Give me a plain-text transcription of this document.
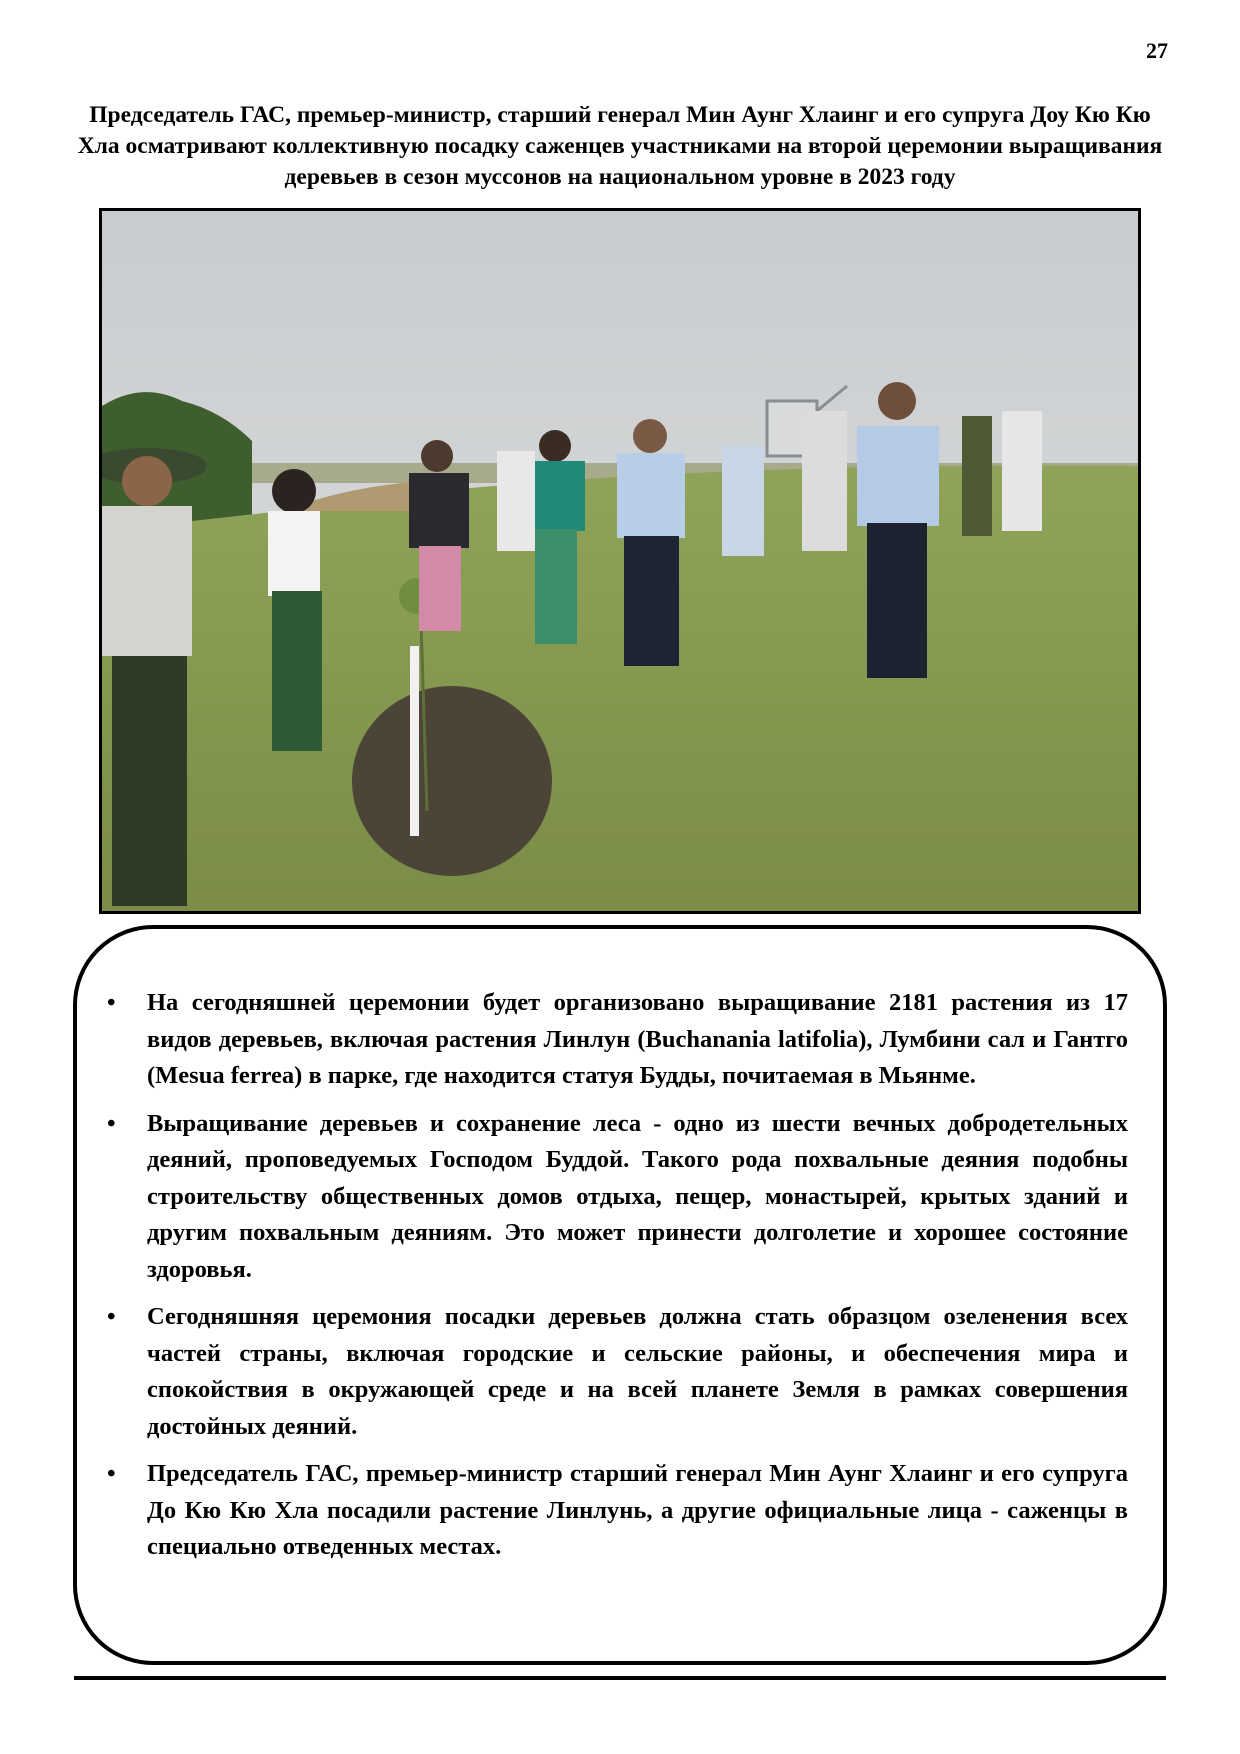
27
Председатель ГАС, премьер-министр, старший генерал Мин Аунг Хлаинг и его супруга Доу Кю Кю Хла осматривают коллективную посадку саженцев участниками на второй церемонии выращивания деревьев в сезон муссонов на национальном уровне в 2023 году
• На сегодняшней церемонии будет организовано выращивание 2181 растения из 17 видов деревьев, включая растения Линлун (Buchanania latifolia), Лумбини сал и Гантго (Mesua ferrea) в парке, где находится статуя Будды, почитаемая в Мьянме.
• Выращивание деревьев и сохранение леса - одно из шести вечных добродетельных деяний, проповедуемых Господом Буддой. Такого рода похвальные деяния подобны строительству общественных домов отдыха, пещер, монастырей, крытых зданий и другим похвальным деяниям. Это может принести долголетие и хорошее состояние здоровья.
• Сегодняшняя церемония посадки деревьев должна стать образцом озеленения всех частей страны, включая городские и сельские районы, и обеспечения мира и спокойствия в окружающей среде и на всей планете Земля в рамках совершения достойных деяний.
• Председатель ГАС, премьер-министр старший генерал Мин Аунг Хлаинг и его супруга До Кю Кю Хла посадили растение Линлунь, а другие официальные лица - саженцы в специально отведенных местах.
